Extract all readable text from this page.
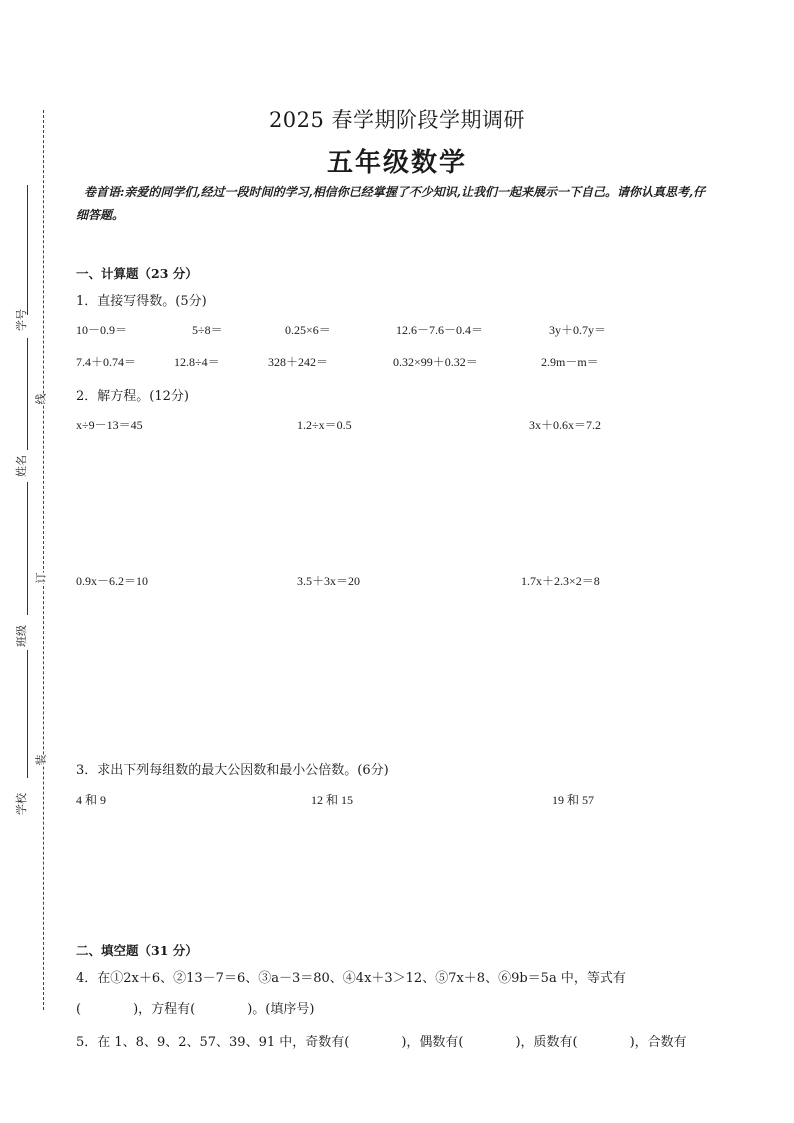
学号
姓名
班级
学校
线
订
装
2025 春学期阶段学期调研
五年级数学
卷首语:亲爱的同学们,经过一段时间的学习,相信你已经掌握了不少知识,让我们一起来展示一下自己。请你认真思考,仔细答题。
一、计算题（23 分）
1．直接写得数。(5分)
10－0.9＝	5÷8＝	0.25×6＝	12.6－7.6－0.4＝	3y＋0.7y＝
7.4＋0.74＝	12.8÷4＝	328＋242＝	0.32×99＋0.32＝	2.9m－m＝
2．解方程。(12分)
x÷9－13＝45	1.2÷x＝0.5	3x＋0.6x＝7.2
0.9x－6.2＝10	3.5＋3x＝20	1.7x＋2.3×2＝8
3．求出下列每组数的最大公因数和最小公倍数。(6分)
4 和 9	12 和 15	19 和 57
二、填空题（31 分）
4．在①2x＋6、②13－7＝6、③a－3＝80、④4x＋3＞12、⑤7x＋8、⑥9b＝5a 中，等式有
(　　　　)，方程有(　　　　)。(填序号)
5．在 1、8、9、2、57、39、91 中，奇数有(　　　　)，偶数有(　　　　)，质数有(　　　　)，合数有
